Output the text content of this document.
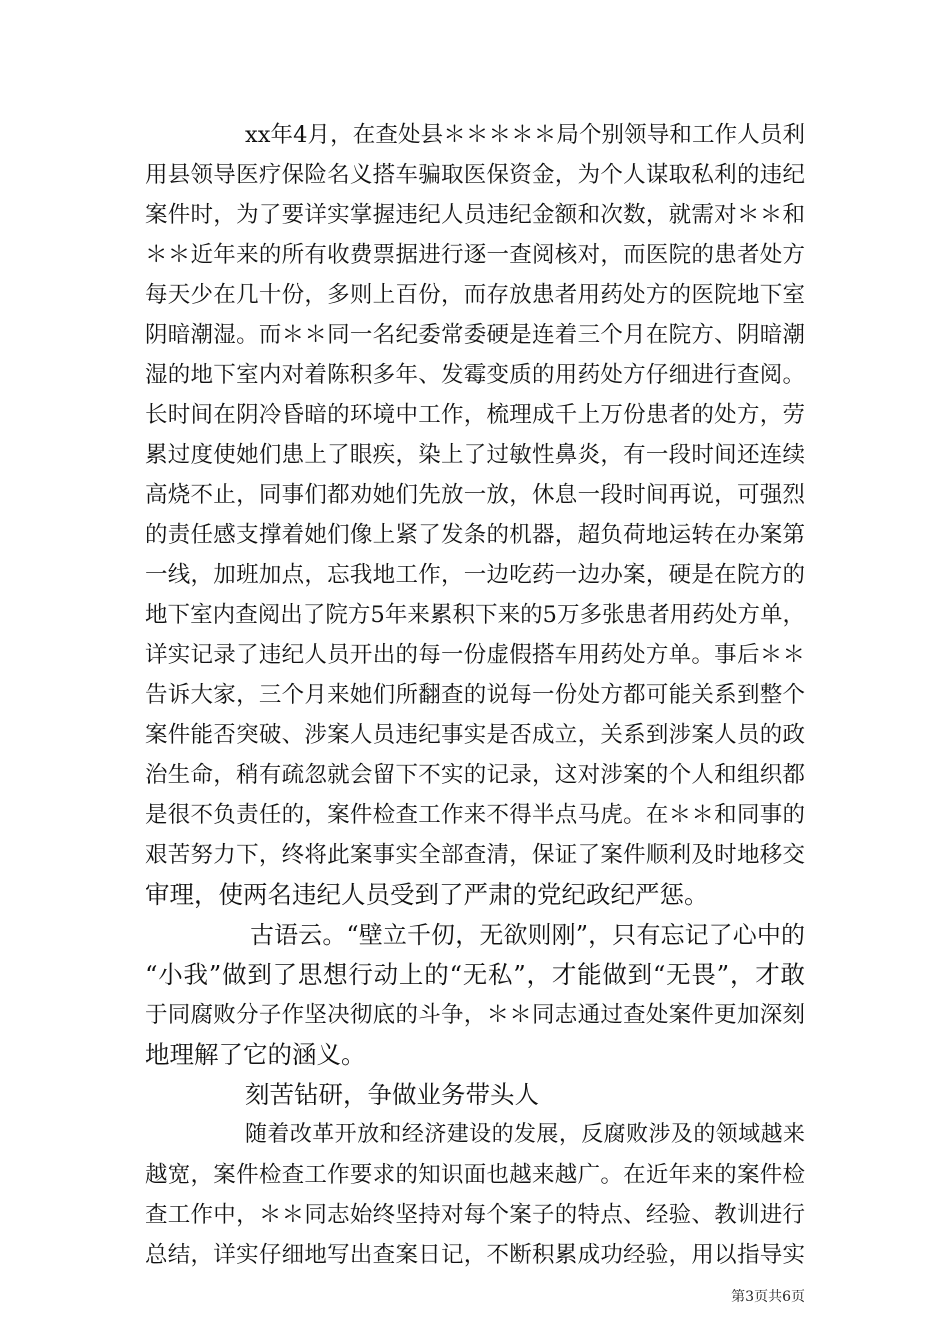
xx年4月，在查处县＊＊＊＊＊局个别领导和工作人员利
用县领导医疗保险名义搭车骗取医保资金，为个人谋取私利的违纪
案件时，为了要详实掌握违纪人员违纪金额和次数，就需对＊＊和
＊＊近年来的所有收费票据进行逐一查阅核对，而医院的患者处方
每天少在几十份，多则上百份，而存放患者用药处方的医院地下室
阴暗潮湿。而＊＊同一名纪委常委硬是连着三个月在院方、阴暗潮
湿的地下室内对着陈积多年、发霉变质的用药处方仔细进行查阅。
长时间在阴冷昏暗的环境中工作，梳理成千上万份患者的处方，劳
累过度使她们患上了眼疾，染上了过敏性鼻炎，有一段时间还连续
高烧不止，同事们都劝她们先放一放，休息一段时间再说，可强烈
的责任感支撑着她们像上紧了发条的机器，超负荷地运转在办案第
一线，加班加点，忘我地工作，一边吃药一边办案，硬是在院方的
地下室内查阅出了院方5年来累积下来的5万多张患者用药处方单，
详实记录了违纪人员开出的每一份虚假搭车用药处方单。事后＊＊
告诉大家，三个月来她们所翻查的说每一份处方都可能关系到整个
案件能否突破、涉案人员违纪事实是否成立，关系到涉案人员的政
治生命，稍有疏忽就会留下不实的记录，这对涉案的个人和组织都
是很不负责任的，案件检查工作来不得半点马虎。在＊＊和同事的
艰苦努力下，终将此案事实全部查清，保证了案件顺利及时地移交
审理，使两名违纪人员受到了严肃的党纪政纪严惩。
古语云。“壁立千仞，无欲则刚”，只有忘记了心中的
“小我”做到了思想行动上的“无私”，才能做到“无畏”，才敢
于同腐败分子作坚决彻底的斗争，＊＊同志通过查处案件更加深刻
地理解了它的涵义。
刻苦钻研，争做业务带头人
随着改革开放和经济建设的发展，反腐败涉及的领域越来
越宽，案件检查工作要求的知识面也越来越广。在近年来的案件检
查工作中，＊＊同志始终坚持对每个案子的特点、经验、教训进行
总结，详实仔细地写出查案日记，不断积累成功经验，用以指导实
第3页共6页
